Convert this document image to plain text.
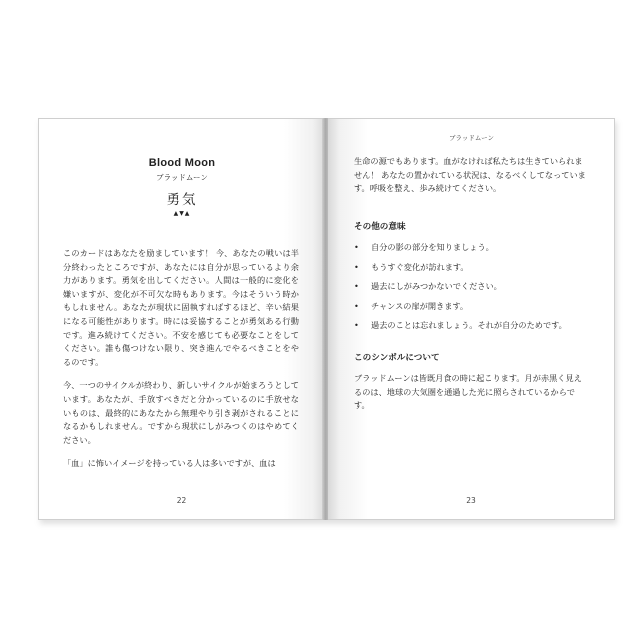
Blood Moon
ブラッドムーン
勇気
▲▼▲

このカードはあなたを励ましています！ 今、あなたの戦いは半分終わったところですが、あなたには自分が思っているより余力があります。勇気を出してください。人間は一般的に変化を嫌いますが、変化が不可欠な時もあります。今はそういう時かもしれません。あなたが現状に固執すればするほど、辛い結果になる可能性があります。時には妥協することが勇気ある行動です。進み続けてください。不安を感じても必要なことをしてください。誰も傷つけない限り、突き進んでやるべきことをやるのです。

今、一つのサイクルが終わり、新しいサイクルが始まろうとしています。あなたが、手放すべきだと分かっているのに手放せないものは、最終的にあなたから無理やり引き剥がされることになるかもしれません。ですから現状にしがみつくのはやめてください。

「血」に怖いイメージを持っている人は多いですが、血は

22
ブラッドムーン

生命の源でもあります。血がなければ私たちは生きていられません！ あなたの置かれている状況は、なるべくしてなっています。呼吸を整え、歩み続けてください。

その他の意味
• 自分の影の部分を知りましょう。
• もうすぐ変化が訪れます。
• 過去にしがみつかないでください。
• チャンスの扉が開きます。
• 過去のことは忘れましょう。それが自分のためです。
このシンボルについて

ブラッドムーンは皆既月食の時に起こります。月が赤黒く見えるのは、地球の大気圏を通過した光に照らされているからです。

23
